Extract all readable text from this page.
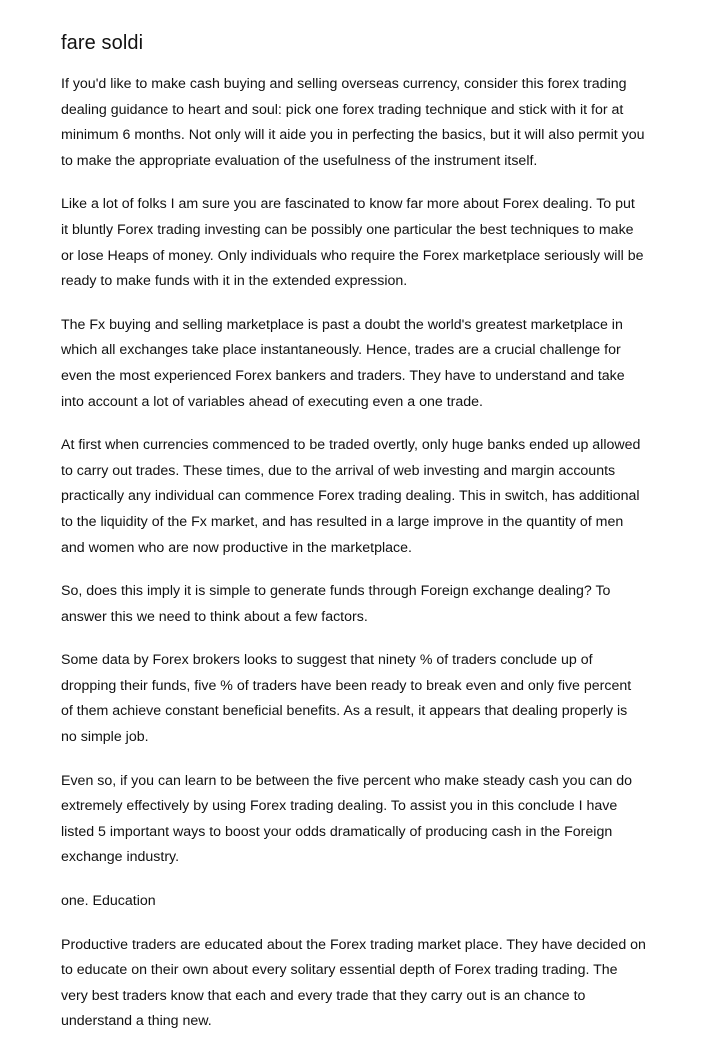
fare soldi
If you'd like to make cash buying and selling overseas currency, consider this forex trading
dealing guidance to heart and soul: pick one forex trading technique and stick with it for at
minimum 6 months. Not only will it aide you in perfecting the basics, but it will also permit you
to make the appropriate evaluation of the usefulness of the instrument itself.
Like a lot of folks I am sure you are fascinated to know far more about Forex dealing. To put
it bluntly Forex trading investing can be possibly one particular the best techniques to make
or lose Heaps of money. Only individuals who require the Forex marketplace seriously will be
ready to make funds with it in the extended expression.
The Fx buying and selling marketplace is past a doubt the world's greatest marketplace in
which all exchanges take place instantaneously. Hence, trades are a crucial challenge for
even the most experienced Forex bankers and traders. They have to understand and take
into account a lot of variables ahead of executing even a one trade.
At first when currencies commenced to be traded overtly, only huge banks ended up allowed
to carry out trades. These times, due to the arrival of web investing and margin accounts
practically any individual can commence Forex trading dealing. This in switch, has additional
to the liquidity of the Fx market, and has resulted in a large improve in the quantity of men
and women who are now productive in the marketplace.
So, does this imply it is simple to generate funds through Foreign exchange dealing? To
answer this we need to think about a few factors.
Some data by Forex brokers looks to suggest that ninety % of traders conclude up of
dropping their funds, five % of traders have been ready to break even and only five percent
of them achieve constant beneficial benefits. As a result, it appears that dealing properly is
no simple job.
Even so, if you can learn to be between the five percent who make steady cash you can do
extremely effectively by using Forex trading dealing. To assist you in this conclude I have
listed 5 important ways to boost your odds dramatically of producing cash in the Foreign
exchange industry.
one. Education
Productive traders are educated about the Forex trading market place. They have decided on
to educate on their own about every solitary essential depth of Forex trading trading. The
very best traders know that each and every trade that they carry out is an chance to
understand a thing new.
